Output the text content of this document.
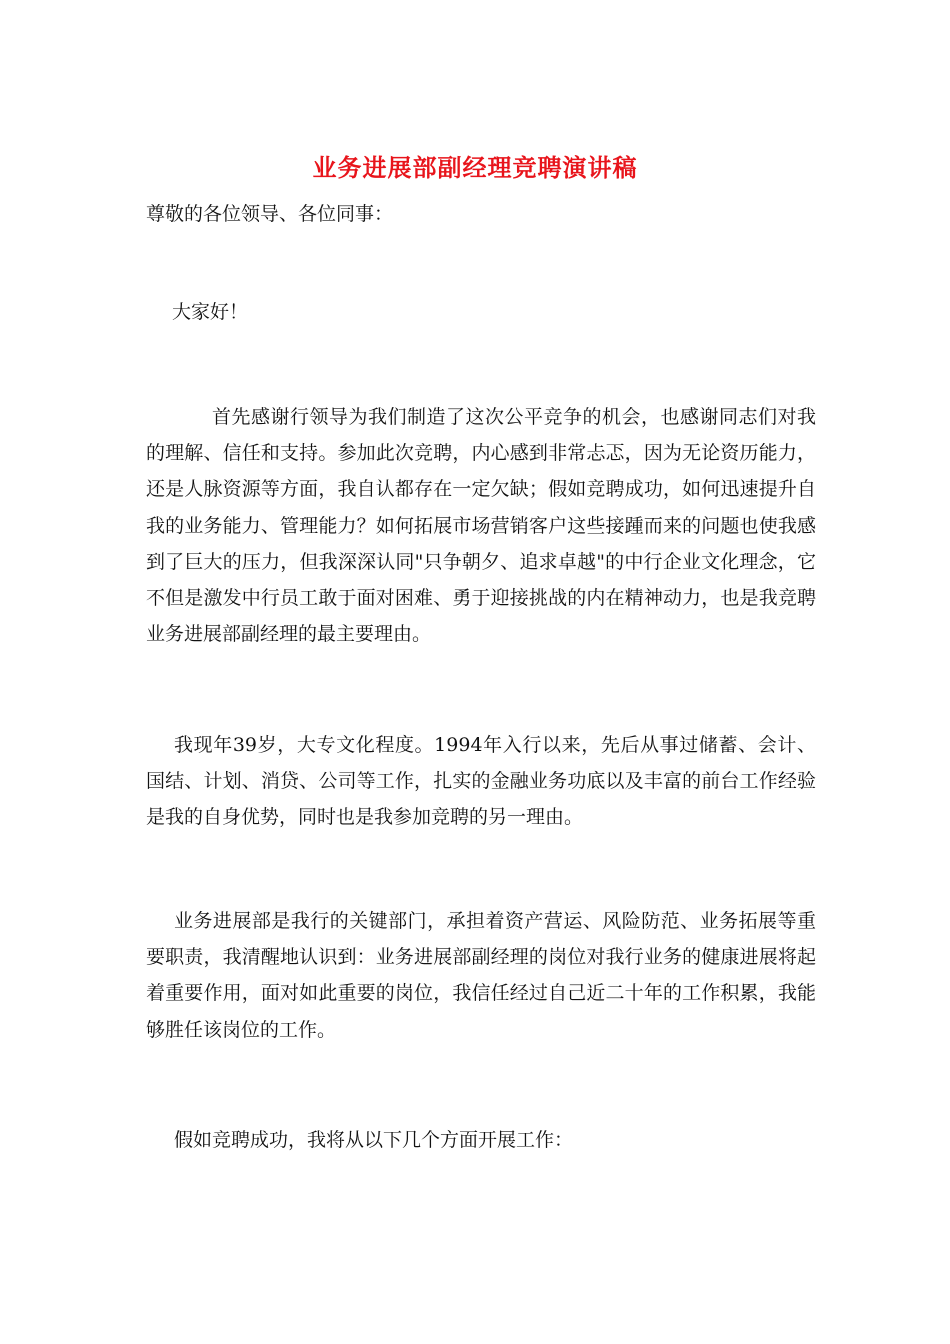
业务进展部副经理竞聘演讲稿

尊敬的各位领导、各位同事：

大家好！

首先感谢行领导为我们制造了这次公平竞争的机会，也感谢同志们对我的理解、信任和支持。参加此次竞聘，内心感到非常忐忑，因为无论资历能力，还是人脉资源等方面，我自认都存在一定欠缺；假如竞聘成功，如何迅速提升自我的业务能力、管理能力？如何拓展市场营销客户这些接踵而来的问题也使我感到了巨大的压力，但我深深认同"只争朝夕、追求卓越"的中行企业文化理念，它不但是激发中行员工敢于面对困难、勇于迎接挑战的内在精神动力，也是我竞聘业务进展部副经理的最主要理由。

我现年39岁，大专文化程度。1994年入行以来，先后从事过储蓄、会计、国结、计划、消贷、公司等工作，扎实的金融业务功底以及丰富的前台工作经验是我的自身优势，同时也是我参加竞聘的另一理由。

业务进展部是我行的关键部门，承担着资产营运、风险防范、业务拓展等重要职责，我清醒地认识到：业务进展部副经理的岗位对我行业务的健康进展将起着重要作用，面对如此重要的岗位，我信任经过自己近二十年的工作积累，我能够胜任该岗位的工作。

假如竞聘成功，我将从以下几个方面开展工作：
